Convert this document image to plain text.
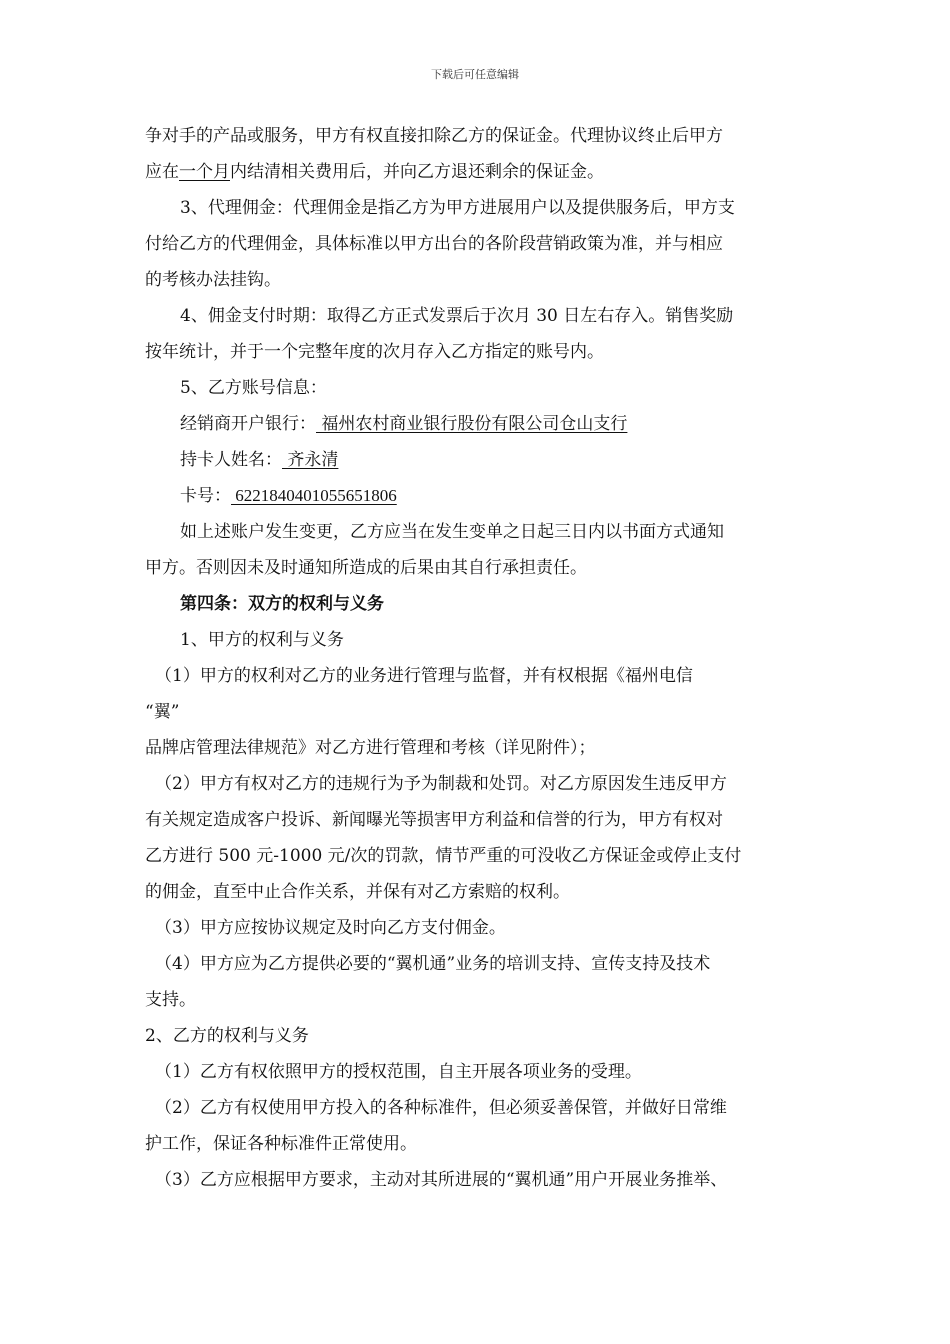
下载后可任意编辑
争对手的产品或服务，甲方有权直接扣除乙方的保证金。代理协议终止后甲方
应在一个月内结清相关费用后，并向乙方退还剩余的保证金。
3、代理佣金：代理佣金是指乙方为甲方进展用户以及提供服务后，甲方支
付给乙方的代理佣金，具体标准以甲方出台的各阶段营销政策为准，并与相应
的考核办法挂钩。
4、佣金支付时期：取得乙方正式发票后于次月 30 日左右存入。销售奖励
按年统计，并于一个完整年度的次月存入乙方指定的账号内。
5、乙方账号信息：
经销商开户银行： 福州农村商业银行股份有限公司仓山支行
持卡人姓名： 齐永清
卡号： 6221840401055651806
如上述账户发生变更，乙方应当在发生变单之日起三日内以书面方式通知
甲方。否则因未及时通知所造成的后果由其自行承担责任。
第四条：双方的权利与义务
1、甲方的权利与义务
（1）甲方的权利对乙方的业务进行管理与监督，并有权根据《福州电信
“翼”
品牌店管理法律规范》对乙方进行管理和考核（详见附件）；
（2）甲方有权对乙方的违规行为予为制裁和处罚。对乙方原因发生违反甲方
有关规定造成客户投诉、新闻曝光等损害甲方利益和信誉的行为，甲方有权对
乙方进行 500 元-1000 元/次的罚款，情节严重的可没收乙方保证金或停止支付
的佣金，直至中止合作关系，并保有对乙方索赔的权利。
（3）甲方应按协议规定及时向乙方支付佣金。
（4）甲方应为乙方提供必要的“翼机通”业务的培训支持、宣传支持及技术
支持。
2、乙方的权利与义务
（1）乙方有权依照甲方的授权范围，自主开展各项业务的受理。
（2）乙方有权使用甲方投入的各种标准件，但必须妥善保管，并做好日常维
护工作，保证各种标准件正常使用。
（3）乙方应根据甲方要求，主动对其所进展的“翼机通”用户开展业务推举、
